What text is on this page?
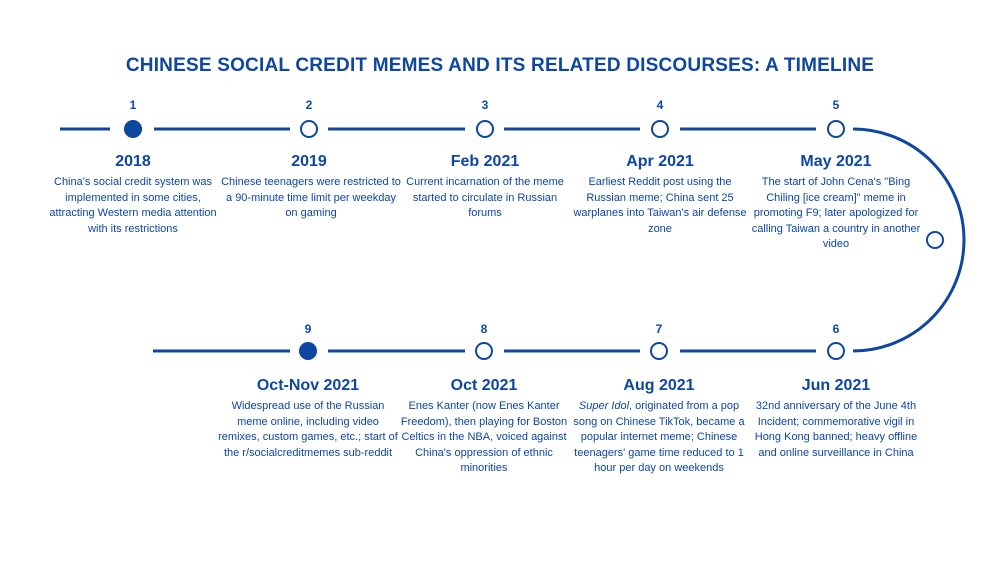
CHINESE SOCIAL CREDIT MEMES AND ITS RELATED DISCOURSES: A TIMELINE
1
2018
China's social credit system was implemented in some cities, attracting Western media attention with its restrictions
2
2019
Chinese teenagers were restricted to a 90-minute time limit per weekday on gaming
3
Feb 2021
Current incarnation of the meme started to circulate in Russian forums
4
Apr 2021
Earliest Reddit post using the Russian meme; China sent 25 warplanes into Taiwan's air defense zone
5
May 2021
The start of John Cena's "Bing Chiling [ice cream]" meme in promoting F9; later apologized for calling Taiwan a country in another video
6
Jun 2021
32nd anniversary of the June 4th Incident; commemorative vigil in Hong Kong banned; heavy offline and online surveillance in China
7
Aug 2021
Super Idol, originated from a pop song on Chinese TikTok, became a popular internet meme; Chinese teenagers' game time reduced to 1 hour per day on weekends
8
Oct 2021
Enes Kanter (now Enes Kanter Freedom), then playing for Boston Celtics in the NBA, voiced against China's oppression of ethnic minorities
9
Oct-Nov 2021
Widespread use of the Russian meme online, including video remixes, custom games, etc.; start of the r/socialcreditmemes sub-reddit
